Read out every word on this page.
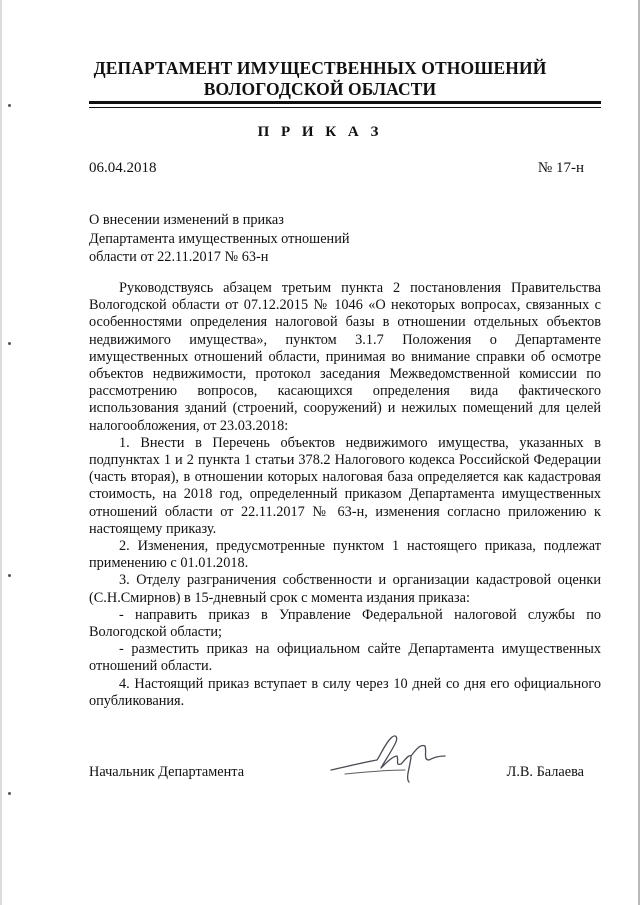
ДЕПАРТАМЕНТ ИМУЩЕСТВЕННЫХ ОТНОШЕНИЙ
ВОЛОГОДСКОЙ ОБЛАСТИ
П Р И К А З
06.04.2018	№ 17-н
О внесении изменений в приказ
Департамента имущественных отношений
области от 22.11.2017 № 63-н

Руководствуясь абзацем третьим пункта 2 постановления Правительства Вологодской области от 07.12.2015 № 1046 «О некоторых вопросах, связанных с особенностями определения налоговой базы в отношении отдельных объектов недвижимого имущества», пунктом 3.1.7 Положения о Департаменте имущественных отношений области, принимая во внимание справки об осмотре объектов недвижимости, протокол заседания Межведомственной комиссии по рассмотрению вопросов, касающихся определения вида фактического использования зданий (строений, сооружений) и нежилых помещений для целей налогообложения, от 23.03.2018:

1. Внести в Перечень объектов недвижимого имущества, указанных в подпунктах 1 и 2 пункта 1 статьи 378.2 Налогового кодекса Российской Федерации (часть вторая), в отношении которых налоговая база определяется как кадастровая стоимость, на 2018 год, определенный приказом Департамента имущественных отношений области от 22.11.2017 № 63-н, изменения согласно приложению к настоящему приказу.

2. Изменения, предусмотренные пунктом 1 настоящего приказа, подлежат применению с 01.01.2018.

3. Отделу разграничения собственности и организации кадастровой оценки (С.Н.Смирнов) в 15-дневный срок с момента издания приказа:

- направить приказ в Управление Федеральной налоговой службы по Вологодской области;

- разместить приказ на официальном сайте Департамента имущественных отношений области.

4. Настоящий приказ вступает в силу через 10 дней со дня его официального опубликования.

Начальник Департамента	Л.В. Балаева
